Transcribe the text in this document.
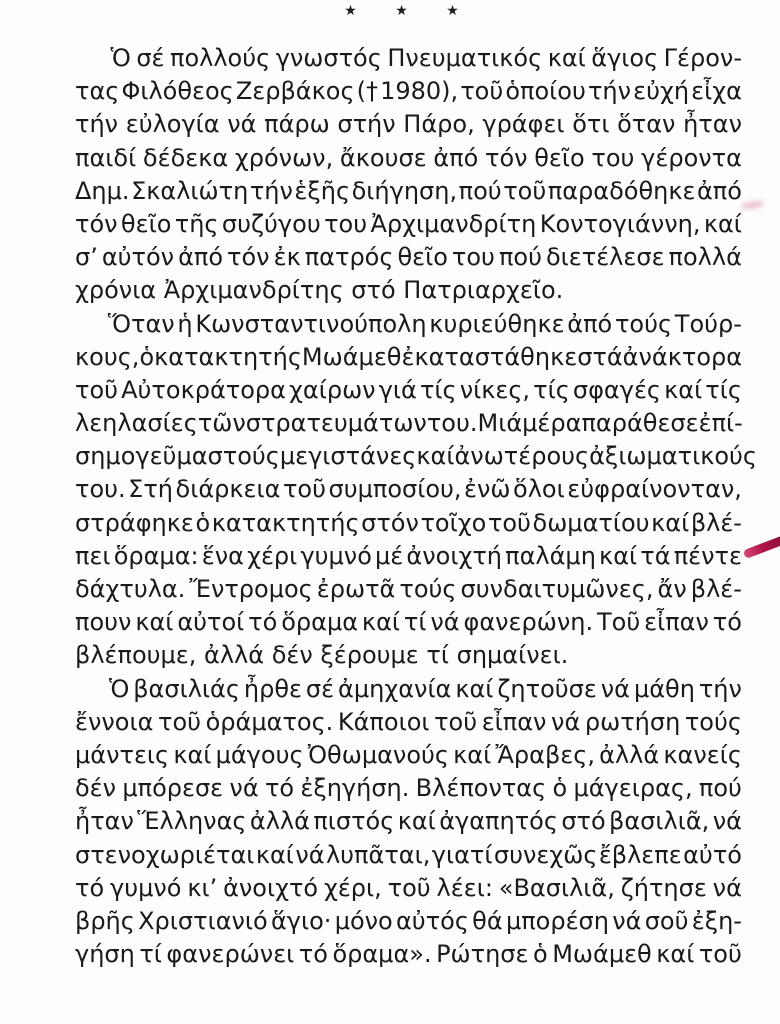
★ ★ ★
Ὁ σέ πολλούς γνωστός Πνευματικός καί ἅγιος Γέρον-
τας Φιλόθεος Ζερβάκος († 1980), τοῦ ὁποίου τήν εὐχή εἶχα
τήν εὐλογία νά πάρω στήν Πάρο, γράφει ὅτι ὅταν ἦταν
παιδί δέδεκα χρόνων, ἄκουσε ἀπό τόν θεῖο του γέροντα
Δημ. Σκαλιώτη τήν ἑξῆς διήγηση, πού τοῦ παραδόθηκε ἀπό
τόν θεῖο τῆς συζύγου του Ἀρχιμανδρίτη Κοντογιάννη, καί
σ’ αὐτόν ἀπό τόν ἐκ πατρός θεῖο του πού διετέλεσε πολλά
χρόνια Ἀρχιμανδρίτης στό Πατριαρχεῖο.
Ὅταν ἡ Κωνσταντινούπολη κυριεύθηκε ἀπό τούς Τούρ-
κους, ὁ κατακτητής Μωάμεθ ἐκαταστάθηκε στά ἀνάκτορα
τοῦ Αὐτοκράτορα χαίρων γιά τίς νίκες, τίς σφαγές καί τίς
λεηλασίες τῶν στρατευμάτων του. Μιά μέρα παράθεσε ἐπί-
σημο γεῦμα στούς μεγιστάνες καί ἀνωτέρους ἀξιωματικούς
του. Στή διάρκεια τοῦ συμποσίου, ἐνῶ ὅλοι εὐφραίνονταν,
στράφηκε ὁ κατακτητής στόν τοῖχο τοῦ δωματίου καί βλέ-
πει ὅραμα: ἕνα χέρι γυμνό μέ ἀνοιχτή παλάμη καί τά πέντε
δάχτυλα. Ἔντρομος ἐρωτᾶ τούς συνδαιτυμῶνες, ἄν βλέ-
πουν καί αὐτοί τό ὅραμα καί τί νά φανερώνη. Τοῦ εἶπαν τό
βλέπουμε, ἀλλά δέν ξέρουμε τί σημαίνει.
Ὁ βασιλιάς ἦρθε σέ ἀμηχανία καί ζητοῦσε νά μάθη τήν
ἔννοια τοῦ ὁράματος. Κάποιοι τοῦ εἶπαν νά ρωτήση τούς
μάντεις καί μάγους Ὀθωμανούς καί Ἄραβες, ἀλλά κανείς
δέν μπόρεσε νά τό ἐξηγήση. Βλέποντας ὁ μάγειρας, πού
ἦταν Ἕλληνας ἀλλά πιστός καί ἀγαπητός στό βασιλιᾶ, νά
στενοχωριέται καί νά λυπᾶται, γιατί συνεχῶς ἔβλεπε αὐτό
τό γυμνό κι’ ἀνοιχτό χέρι, τοῦ λέει: «Βασιλιᾶ, ζήτησε νά
βρῆς Χριστιανιό ἅγιο· μόνο αὐτός θά μπορέση νά σοῦ ἐξη-
γήση τί φανερώνει τό ὅραμα». Ρώτησε ὁ Μωάμεθ καί τοῦ
